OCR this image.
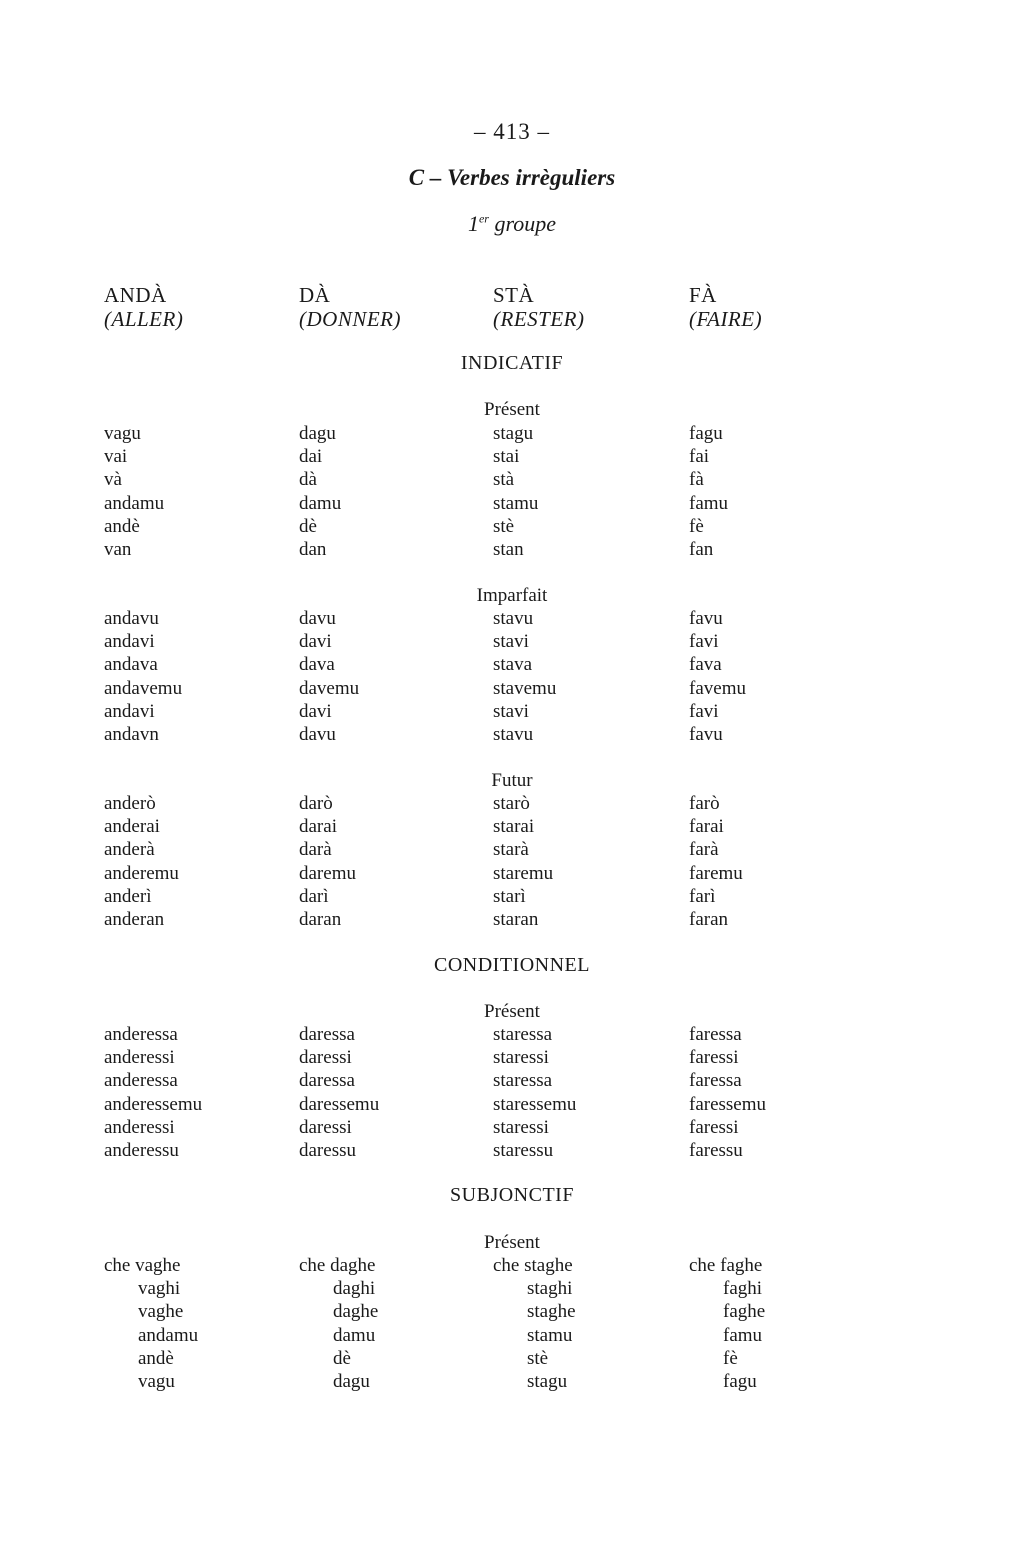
– 413 –
C – Verbes irrèguliers
1er groupe
ANDÀ
(ALLER)
DÀ
(DONNER)
STÀ
(RESTER)
FÀ
(FAIRE)
INDICATIF
Présent
vagu	dagu	stagu	fagu
vai	dai	stai	fai
và	dà	stà	fà
andamu	damu	stamu	famu
andè	dè	stè	fè
van	dan	stan	fan
Imparfait
andavu	davu	stavu	favu
andavi	davi	stavi	favi
andava	dava	stava	fava
andavemu	davemu	stavemu	favemu
andavi	davi	stavi	favi
andavn	davu	stavu	favu
Futur
anderò	darò	starò	farò
anderai	darai	starai	farai
anderà	darà	starà	farà
anderemu	daremu	staremu	faremu
anderì	darì	starì	farì
anderan	daran	staran	faran
CONDITIONNEL
Présent
anderessa	daressa	staressa	faressa
anderessi	daressi	staressi	faressi
anderessa	daressa	staressa	faressa
anderessemu	daressemu	staressemu	faressemu
anderessi	daressi	staressi	faressi
anderessu	daressu	staressu	faressu
SUBJONCTIF
Présent
che vaghe	che daghe	che staghe	che faghe
vaghi	daghi	staghi	faghi
vaghe	daghe	staghe	faghe
andamu	damu	stamu	famu
andè	dè	stè	fè
vagu	dagu	stagu	fagu
